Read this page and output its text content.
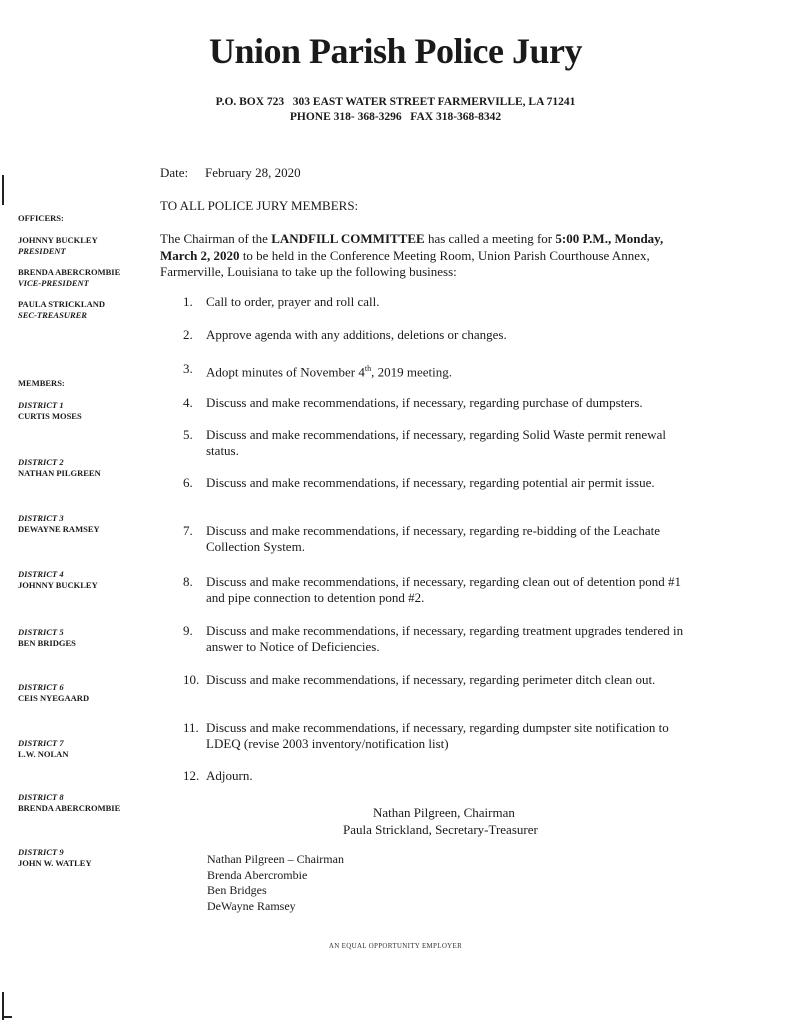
Union Parish Police Jury
P.O. BOX 723   303 EAST WATER STREET FARMERVILLE, LA 71241
PHONE 318- 368-3296   FAX 318-368-8342
Date: February 28, 2020
TO ALL POLICE JURY MEMBERS:
The Chairman of the LANDFILL COMMITTEE has called a meeting for 5:00 P.M., Monday, March 2, 2020 to be held in the Conference Meeting Room, Union Parish Courthouse Annex, Farmerville, Louisiana to take up the following business:
OFFICERS:
JOHNNY BUCKLEY
PRESIDENT
BRENDA ABERCROMBIE
VICE-PRESIDENT
PAULA STRICKLAND
SEC-TREASURER
MEMBERS:
DISTRICT 1
CURTIS MOSES
DISTRICT 2
NATHAN PILGREEN
DISTRICT 3
DEWAYNE RAMSEY
DISTRICT 4
JOHNNY BUCKLEY
DISTRICT 5
BEN BRIDGES
DISTRICT 6
CEIS NYEGAARD
DISTRICT 7
L.W. NOLAN
DISTRICT 8
BRENDA ABERCROMBIE
DISTRICT 9
JOHN W. WATLEY
1. Call to order, prayer and roll call.
2. Approve agenda with any additions, deletions or changes.
3. Adopt minutes of November 4th, 2019 meeting.
4. Discuss and make recommendations, if necessary, regarding purchase of dumpsters.
5. Discuss and make recommendations, if necessary, regarding Solid Waste permit renewal status.
6. Discuss and make recommendations, if necessary, regarding potential air permit issue.
7. Discuss and make recommendations, if necessary, regarding re-bidding of the Leachate Collection System.
8. Discuss and make recommendations, if necessary, regarding clean out of detention pond #1 and pipe connection to detention pond #2.
9. Discuss and make recommendations, if necessary, regarding treatment upgrades tendered in answer to Notice of Deficiencies.
10. Discuss and make recommendations, if necessary, regarding perimeter ditch clean out.
11. Discuss and make recommendations, if necessary, regarding dumpster site notification to LDEQ (revise 2003 inventory/notification list)
12. Adjourn.
Nathan Pilgreen, Chairman
Paula Strickland, Secretary-Treasurer
Nathan Pilgreen – Chairman
Brenda Abercrombie
Ben Bridges
DeWayne Ramsey
AN EQUAL OPPORTUNITY EMPLOYER
